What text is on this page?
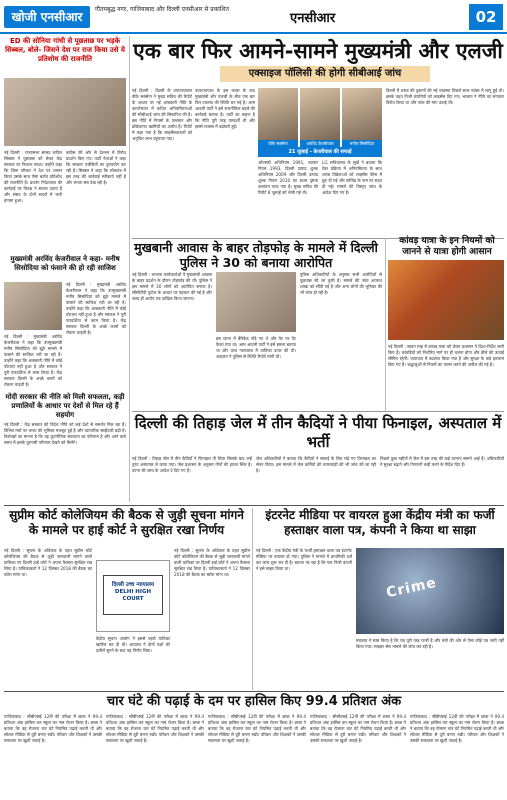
खोजी एनसीआर
गौतमबुद्ध नगर, गाजियाबाद और दिल्ली एनसीआर से प्रकाशित
एनसीआर	02
ED की सोनिया गांधी से पूछताछ पर भड़के सिब्बल, बोले- जिसने देश पर राज किया उसे ये प्रतिशोध की राजनीति
नई दिल्ली : राज्यसभा सांसद कपिल सिब्बल ने पूछताछ को लेकर केंद्र सरकार पर निशाना साधा। उन्होंने कहा कि जिस परिवार ने देश पर शासन किया उसके साथ ऐसा बर्ताव प्रतिशोध की राजनीति है। प्रवर्तन निदेशालय की कार्रवाई पर विपक्ष ने सवाल उठाए हैं और संसद के दोनों सदनों में भारी हंगामा हुआ।
कांग्रेस की ओर से देशभर में विरोध प्रदर्शन किए गए। पार्टी नेताओं ने कहा कि सरकार एजेंसियों का दुरुपयोग कर रही है। सिब्बल ने कहा कि लोकतंत्र में इस तरह की कार्रवाई स्वीकार्य नहीं है और जनता सब देख रही है।
मुख्यमंत्री अरविंद केजरीवाल ने कहा- मनीष सिसोदिया को फंसाने की हो रही साजिश
नई दिल्ली : मुख्यमंत्री अरविंद केजरीवाल ने कहा कि उपमुख्यमंत्री मनीष सिसोदिया को झूठे मामले में फंसाने की साजिश रची जा रही है। उन्होंने कहा कि आबकारी नीति में कोई घोटाला नहीं हुआ है और सरकार ने पूरी पारदर्शिता से काम किया है। केंद्र सरकार दिल्ली के अच्छे कामों को रोकना चाहती है।
नई दिल्ली : मुख्यमंत्री अरविंद केजरीवाल ने कहा कि उपमुख्यमंत्री मनीष सिसोदिया को झूठे मामले में फंसाने की साजिश रची जा रही है। उन्होंने कहा कि आबकारी नीति में कोई घोटाला नहीं हुआ है और सरकार ने पूरी पारदर्शिता से काम किया है। केंद्र सरकार दिल्ली के अच्छे कामों को रोकना चाहती है।
मोदी सरकार की नीति को मिली सफलता, कड़ी प्रणालियों के आधार पर देशों से मिल रहे हैं सहयोग
नई दिल्ली : केंद्र सरकार की विदेश नीति को कई देशों से समर्थन मिल रहा है। विभिन्न मंचों पर भारत की भूमिका मजबूत हुई है और व्यापारिक साझेदारी बढ़ी है। विशेषज्ञों का मानना है कि यह कूटनीतिक सफलता का परिणाम है और आने वाले समय में इसके दूरगामी परिणाम देखने को मिलेंगे।
एक बार फिर आमने-सामने मुख्यमंत्री और एलजी
एक्साइज पॉलिसी की होगी सीबीआई जांच
नई दिल्ली : दिल्ली के उपराज्यपाल वीके सक्सेना ने मुख्य सचिव की रिपोर्ट के आधार पर नई आबकारी नीति के कार्यान्वयन में कथित अनियमितताओं की सीबीआई जांच की सिफारिश की है। इस नीति में नियमों के उल्लंघन और प्रक्रियागत खामियों का आरोप है। रिपोर्ट में कहा गया है कि लाइसेंसधारकों को अनुचित लाभ पहुंचाया गया।
उपराज्यपाल के इस कदम के बाद मुख्यमंत्री और एलजी के बीच एक बार फिर टकराव की स्थिति बन गई है। आम आदमी पार्टी ने इसे राजनीतिक बदले की कार्रवाई बताया है। पार्टी का कहना है कि नीति पूरी तरह पारदर्शी थी और इससे राजस्व में बढ़ोतरी हुई।
वीके सक्सेना	अरविंद केजरीवाल	मनीष सिसोदिया
21 जुलाई - केजरीवाल की सफाई
ओएसडी अधिनियम 1991, व्यापार नियम 1993, दिल्ली उत्पाद शुल्क अधिनियम 2009 और दिल्ली उत्पाद शुल्क नियम 2010 का प्रथम दृष्टया उल्लंघन पाया गया है। मुख्य सचिव की रिपोर्ट 8 जुलाई को भेजी गई थी।
LG सचिवालय के सूत्रों ने बताया कि टेंडर प्रक्रिया में अनियमितता के साथ शराब विक्रेताओं को लाइसेंस फीस में छूट दी गई और कोविड के नाम पर राहत दी गई। मामले की विस्तृत जांच के आदेश दिए गए हैं।
दिल्ली में शराब की दुकानों की नई व्यवस्था पिछले साल नवंबर में लागू हुई थी। इसके तहत निजी कंपनियों को लाइसेंस दिए गए। भाजपा ने नीति का लगातार विरोध किया था और जांच की मांग उठाई थी।
मुखबानी आवास के बाहर तोड़फोड़ के मामले में दिल्ली पुलिस ने 30 को बनाया आरोपित
नई दिल्ली : भाजपा कार्यकर्ताओं ने मुख्यमंत्री आवास के बाहर प्रदर्शन के दौरान तोड़फोड़ की थी। पुलिस ने इस मामले में 30 लोगों को आरोपित बनाया है। सीसीटीवी फुटेज के आधार पर पहचान की गई है और जल्द ही आरोप पत्र दाखिल किया जाएगा।
इस घटना में बैरिकेड तोड़े गए थे और गेट पर पेंट फेंका गया था। आम आदमी पार्टी ने इसे हमला बताया था और उच्च न्यायालय में याचिका दायर की थी। अदालत ने पुलिस से स्थिति रिपोर्ट मांगी थी।
पुलिस अधिकारियों के अनुसार सभी आरोपितों से पूछताछ की जा चुकी है। मामले की जांच अपराध शाखा को सौंपी गई है और अन्य लोगों की भूमिका की भी जांच हो रही है।
कांवड़ यात्रा के इन नियमों को जानने से यात्रा होगी आसान
नई दिल्ली : सावन माह में कांवड़ यात्रा को लेकर प्रशासन ने दिशा-निर्देश जारी किए हैं। कांवड़ियों को निर्धारित मार्ग पर ही चलना होगा और डीजे की ऊंचाई सीमित रहेगी। यातायात में बदलाव किया गया है और सुरक्षा के कड़े इंतजाम किए गए हैं। श्रद्धालुओं से नियमों का पालन करने की अपील की गई है।
दिल्ली की तिहाड़ जेल में तीन कैदियों ने पीया फिनाइल, अस्पताल में भर्ती
नई दिल्ली : तिहाड़ जेल में तीन कैदियों ने फिनाइल पी लिया जिसके बाद उन्हें तुरंत अस्पताल ले जाया गया। जेल प्रशासन के अनुसार तीनों की हालत स्थिर है। घटना की जांच के आदेश दे दिए गए हैं।
जेल अधिकारियों ने बताया कि कैदियों ने सफाई के लिए रखे गए फिनाइल का सेवन किया। इस मामले में जेल कर्मियों की लापरवाही की भी जांच की जा रही है।
पिछले कुछ महीनों में जेल में इस तरह की कई घटनाएं सामने आई हैं। अधिकारियों ने सुरक्षा बढ़ाने और निगरानी कड़ी करने के निर्देश दिए हैं।
सुप्रीम कोर्ट कोलेजियम की बैठक से जुड़ी सूचना मांगने के मामले पर हाई कोर्ट ने सुरक्षित रखा निर्णय
नई दिल्ली : सूचना के अधिकार के तहत सुप्रीम कोर्ट कोलेजियम की बैठक से जुड़ी जानकारी मांगने वाली याचिका पर दिल्ली हाई कोर्ट ने अपना फैसला सुरक्षित रख लिया है। याचिकाकर्ता ने 12 दिसंबर 2018 की बैठक का ब्योरा मांगा था।
दिल्ली उच्च न्यायालय DELHI HIGH COURT
केंद्रीय सूचना आयोग ने इससे पहले याचिका खारिज कर दी थी। अदालत ने दोनों पक्षों की दलीलें सुनने के बाद यह निर्णय लिया।
नई दिल्ली : सूचना के अधिकार के तहत सुप्रीम कोर्ट कोलेजियम की बैठक से जुड़ी जानकारी मांगने वाली याचिका पर दिल्ली हाई कोर्ट ने अपना फैसला सुरक्षित रख लिया है। याचिकाकर्ता ने 12 दिसंबर 2018 की बैठक का ब्योरा मांगा था।
इंटरनेट मीडिया पर वायरल हुआ केंद्रीय मंत्री का फर्जी हस्ताक्षर वाला पत्र, कंपनी ने किया था साझा
नई दिल्ली : एक केंद्रीय मंत्री के फर्जी हस्ताक्षर वाला पत्र इंटरनेट मीडिया पर वायरल हो गया। पुलिस ने मामले में प्राथमिकी दर्ज कर जांच शुरू कर दी है। बताया जा रहा है कि एक निजी कंपनी ने इसे साझा किया था।
Crime
मंत्रालय ने स्पष्ट किया है कि पत्र पूरी तरह फर्जी है और मंत्री की ओर से ऐसा कोई पत्र जारी नहीं किया गया। साइबर सेल मामले की जांच कर रही है।
चार घंटे की पढ़ाई के दम पर हासिल किए 99.4 प्रतिशत अंक
गाजियाबाद : सीबीएसई 12वीं की परीक्षा में छात्रा ने 99.4 प्रतिशत अंक हासिल कर स्कूल का नाम रोशन किया है। छात्रा ने बताया कि वह रोजाना चार घंटे नियमित पढ़ाई करती थी और सोशल मीडिया से दूरी बनाए रखी। परिवार और शिक्षकों ने उसकी सफलता पर खुशी जताई है।
गाजियाबाद : सीबीएसई 12वीं की परीक्षा में छात्रा ने 99.4 प्रतिशत अंक हासिल कर स्कूल का नाम रोशन किया है। छात्रा ने बताया कि वह रोजाना चार घंटे नियमित पढ़ाई करती थी और सोशल मीडिया से दूरी बनाए रखी। परिवार और शिक्षकों ने उसकी सफलता पर खुशी जताई है।
गाजियाबाद : सीबीएसई 12वीं की परीक्षा में छात्रा ने 99.4 प्रतिशत अंक हासिल कर स्कूल का नाम रोशन किया है। छात्रा ने बताया कि वह रोजाना चार घंटे नियमित पढ़ाई करती थी और सोशल मीडिया से दूरी बनाए रखी। परिवार और शिक्षकों ने उसकी सफलता पर खुशी जताई है।
गाजियाबाद : सीबीएसई 12वीं की परीक्षा में छात्रा ने 99.4 प्रतिशत अंक हासिल कर स्कूल का नाम रोशन किया है। छात्रा ने बताया कि वह रोजाना चार घंटे नियमित पढ़ाई करती थी और सोशल मीडिया से दूरी बनाए रखी। परिवार और शिक्षकों ने उसकी सफलता पर खुशी जताई है।
गाजियाबाद : सीबीएसई 12वीं की परीक्षा में छात्रा ने 99.4 प्रतिशत अंक हासिल कर स्कूल का नाम रोशन किया है। छात्रा ने बताया कि वह रोजाना चार घंटे नियमित पढ़ाई करती थी और सोशल मीडिया से दूरी बनाए रखी। परिवार और शिक्षकों ने उसकी सफलता पर खुशी जताई है।
